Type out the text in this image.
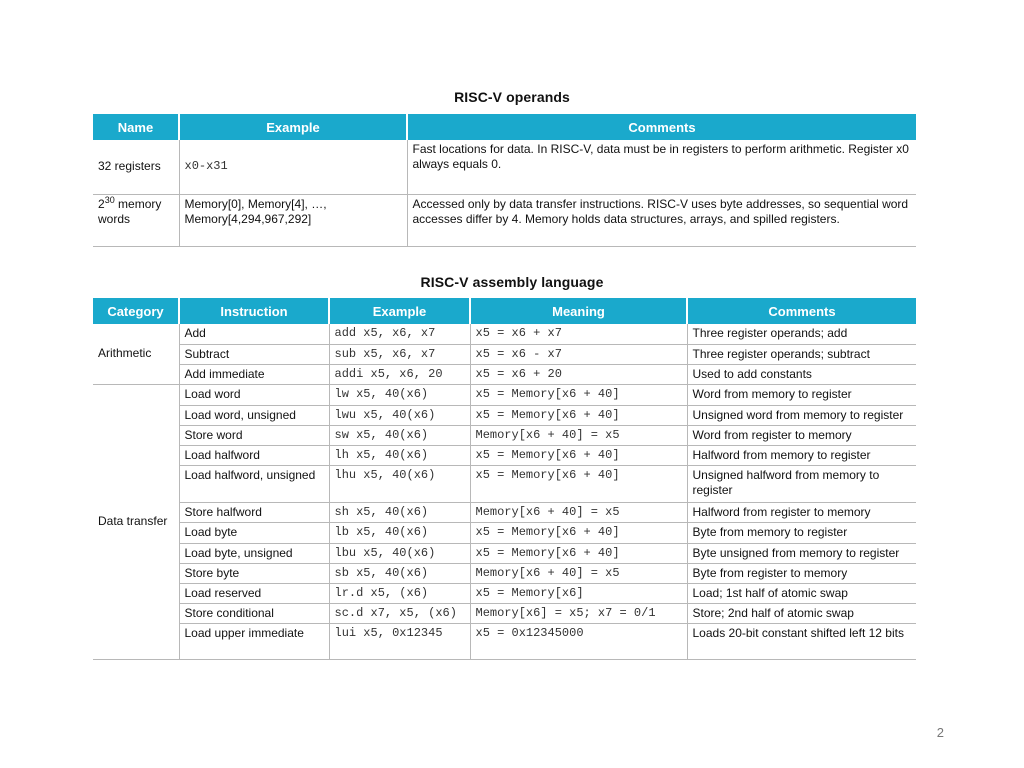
RISC-V operands
Name	Example	Comments
32 registers	x0-x31	Fast locations for data. In RISC-V, data must be in registers to perform arithmetic. Register x0 always equals 0.
$2^{30}$ memory words	Memory[0], Memory[4], …, Memory[4,294,967,292]	Accessed only by data transfer instructions. RISC-V uses byte addresses, so sequential word accesses differ by 4. Memory holds data structures, arrays, and spilled registers.
RISC-V assembly language
Category	Instruction	Example	Meaning	Comments
Arithmetic	Add	add x5, x6, x7	x5 = x6 + x7	Three register operands; add
	Subtract	sub x5, x6, x7	x5 = x6 - x7	Three register operands; subtract
	Add immediate	addi x5, x6, 20	x5 = x6 + 20	Used to add constants
Data transfer	Load word	lw x5, 40(x6)	x5 = Memory[x6 + 40]	Word from memory to register
	Load word, unsigned	lwu x5, 40(x6)	x5 = Memory[x6 + 40]	Unsigned word from memory to register
	Store word	sw x5, 40(x6)	Memory[x6 + 40] = x5	Word from register to memory
	Load halfword	lh x5, 40(x6)	x5 = Memory[x6 + 40]	Halfword from memory to register
	Load halfword, unsigned	lhu x5, 40(x6)	x5 = Memory[x6 + 40]	Unsigned halfword from memory to register
	Store halfword	sh x5, 40(x6)	Memory[x6 + 40] = x5	Halfword from register to memory
	Load byte	lb x5, 40(x6)	x5 = Memory[x6 + 40]	Byte from memory to register
	Load byte, unsigned	lbu x5, 40(x6)	x5 = Memory[x6 + 40]	Byte unsigned from memory to register
	Store byte	sb x5, 40(x6)	Memory[x6 + 40] = x5	Byte from register to memory
	Load reserved	lr.d x5, (x6)	x5 = Memory[x6]	Load; 1st half of atomic swap
	Store conditional	sc.d x7, x5, (x6)	Memory[x6] = x5; x7 = 0/1	Store; 2nd half of atomic swap
	Load upper immediate	lui x5, 0x12345	x5 = 0x12345000	Loads 20-bit constant shifted left 12 bits
2
